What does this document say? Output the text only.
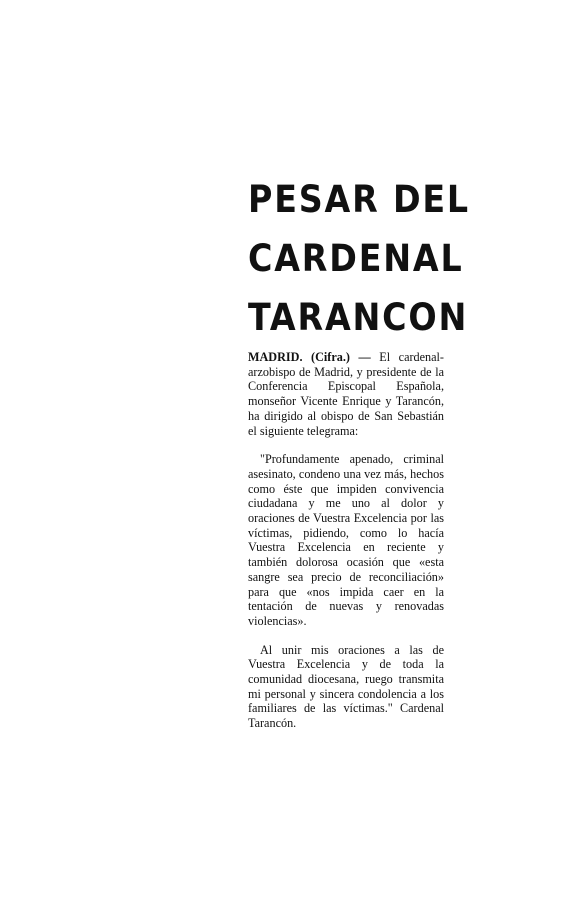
PESAR DEL
CARDENAL
TARANCON

MADRID. (Cifra.) — El cardenal-arzobispo de Madrid, y presidente de la Conferencia Episcopal Española, monseñor Vicente Enrique y Tarancón, ha dirigido al obispo de San Sebastián el siguiente telegrama:

"Profundamente apenado, criminal asesinato, condeno una vez más, hechos como éste que impiden convivencia ciudadana y me uno al dolor y oraciones de Vuestra Excelencia por las víctimas, pidiendo, como lo hacía Vuestra Excelencia en reciente y también dolorosa ocasión que «esta sangre sea precio de reconciliación» para que «nos impida caer en la tentación de nuevas y renovadas violencias».

Al unir mis oraciones a las de Vuestra Excelencia y de toda la comunidad diocesana, ruego transmita mi personal y sincera condolencia a los familiares de las víctimas." Cardenal Tarancón.
